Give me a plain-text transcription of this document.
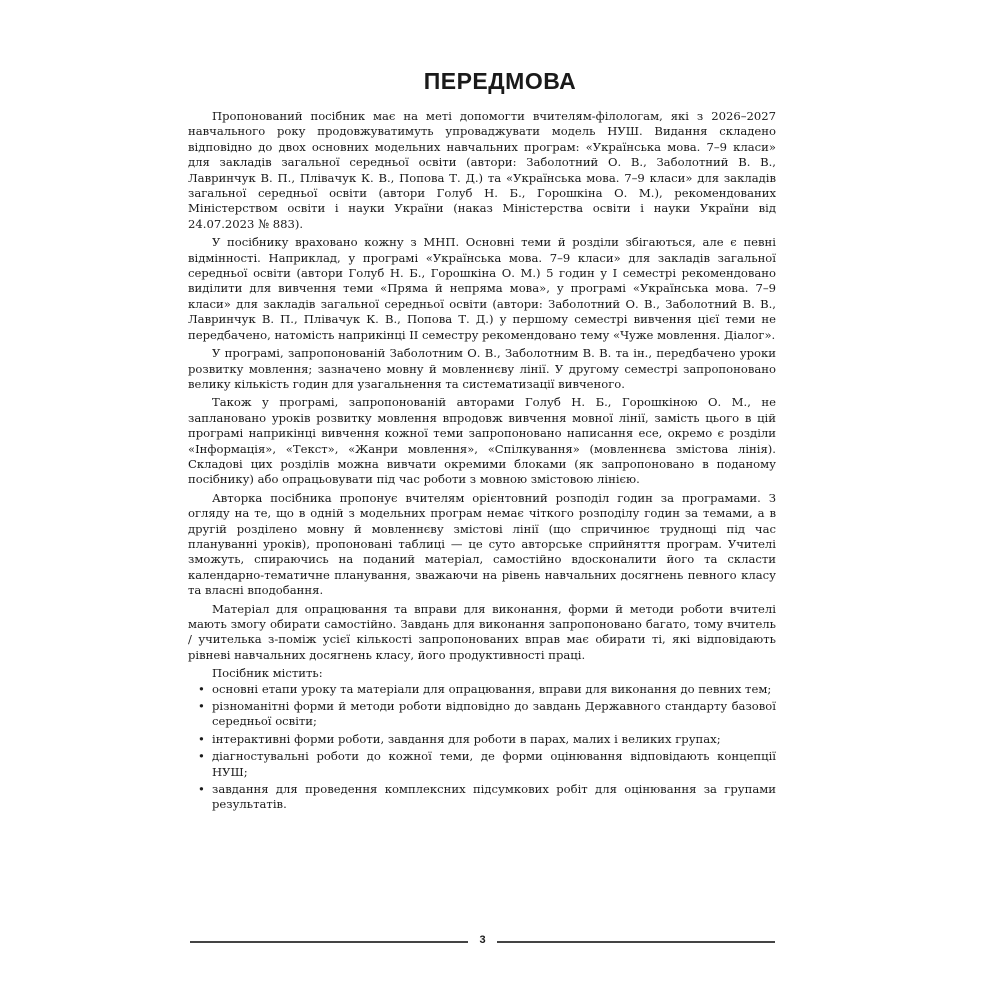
ПЕРЕДМОВА

Пропонований посібник має на меті допомогти вчителям-філологам, які з 2026–2027 навчального року продовжуватимуть упроваджувати модель НУШ. Видання складено відповідно до двох основних модельних навчальних програм: «Українська мова. 7–9 класи» для закладів загальної середньої освіти (автори: Заболотний О. В., Заболотний В. В., Лавринчук В. П., Плівачук К. В., Попова Т. Д.) та «Українська мова. 7–9 класи» для закладів загальної середньої освіти (автори Голуб Н. Б., Горошкіна О. М.), рекомендованих Міністерством освіти і науки України (наказ Міністерства освіти і науки України від 24.07.2023 № 883).

У посібнику враховано кожну з МНП. Основні теми й розділи збігаються, але є певні відмінності. Наприклад, у програмі «Українська мова. 7–9 класи» для закладів загальної середньої освіти (автори Голуб Н. Б., Горошкіна О. М.) 5 годин у І семестрі рекомендовано виділити для вивчення теми «Пряма й непряма мова», у програмі «Українська мова. 7–9 класи» для закладів загальної середньої освіти (автори: Заболотний О. В., Заболотний В. В., Лавринчук В. П., Плівачук К. В., Попова Т. Д.) у першому семестрі вивчення цієї теми не передбачено, натомість наприкінці ІІ семестру рекомендовано тему «Чуже мовлення. Діалог».

У програмі, запропонованій Заболотним О. В., Заболотним В. В. та ін., передбачено уроки розвитку мовлення; зазначено мовну й мовленнєву лінії. У другому семестрі запропоновано велику кількість годин для узагальнення та систематизації вивченого.

Також у програмі, запропонованій авторами Голуб Н. Б., Горошкіною О. М., не заплановано уроків розвитку мовлення впродовж вивчення мовної лінії, замість цього в цій програмі наприкінці вивчення кожної теми запропоновано написання есе, окремо є розділи «Інформація», «Текст», «Жанри мовлення», «Спілкування» (мовленнєва змістова лінія). Складові цих розділів можна вивчати окремими блоками (як запропоновано в поданому посібнику) або опрацьовувати під час роботи з мовною змістовою лінією.

Авторка посібника пропонує вчителям орієнтовний розподіл годин за програмами. З огляду на те, що в одній з модельних програм немає чіткого розподілу годин за темами, а в другій розділено мовну й мовленнєву змістові лінії (що спричинює труднощі під час плануванні уроків), пропоновані таблиці — це суто авторське сприйняття програм. Учителі зможуть, спираючись на поданий матеріал, самостійно вдосконалити його та скласти календарно-тематичне планування, зважаючи на рівень навчальних досягнень певного класу та власні вподобання.

Матеріал для опрацювання та вправи для виконання, форми й методи роботи вчителі мають змогу обирати самостійно. Завдань для виконання запропоновано багато, тому вчитель / учителька з-поміж усієї кількості запропонованих вправ має обирати ті, які відповідають рівневі навчальних досягнень класу, його продуктивності праці.

Посібник містить:
• основні етапи уроку та матеріали для опрацювання, вправи для виконання до певних тем;
• різноманітні форми й методи роботи відповідно до завдань Державного стандарту базової середньої освіти;
• інтерактивні форми роботи, завдання для роботи в парах, малих і великих групах;
• діагностувальні роботи до кожної теми, де форми оцінювання відповідають концепції НУШ;
• завдання для проведення комплексних підсумкових робіт для оцінювання за групами результатів.
3
